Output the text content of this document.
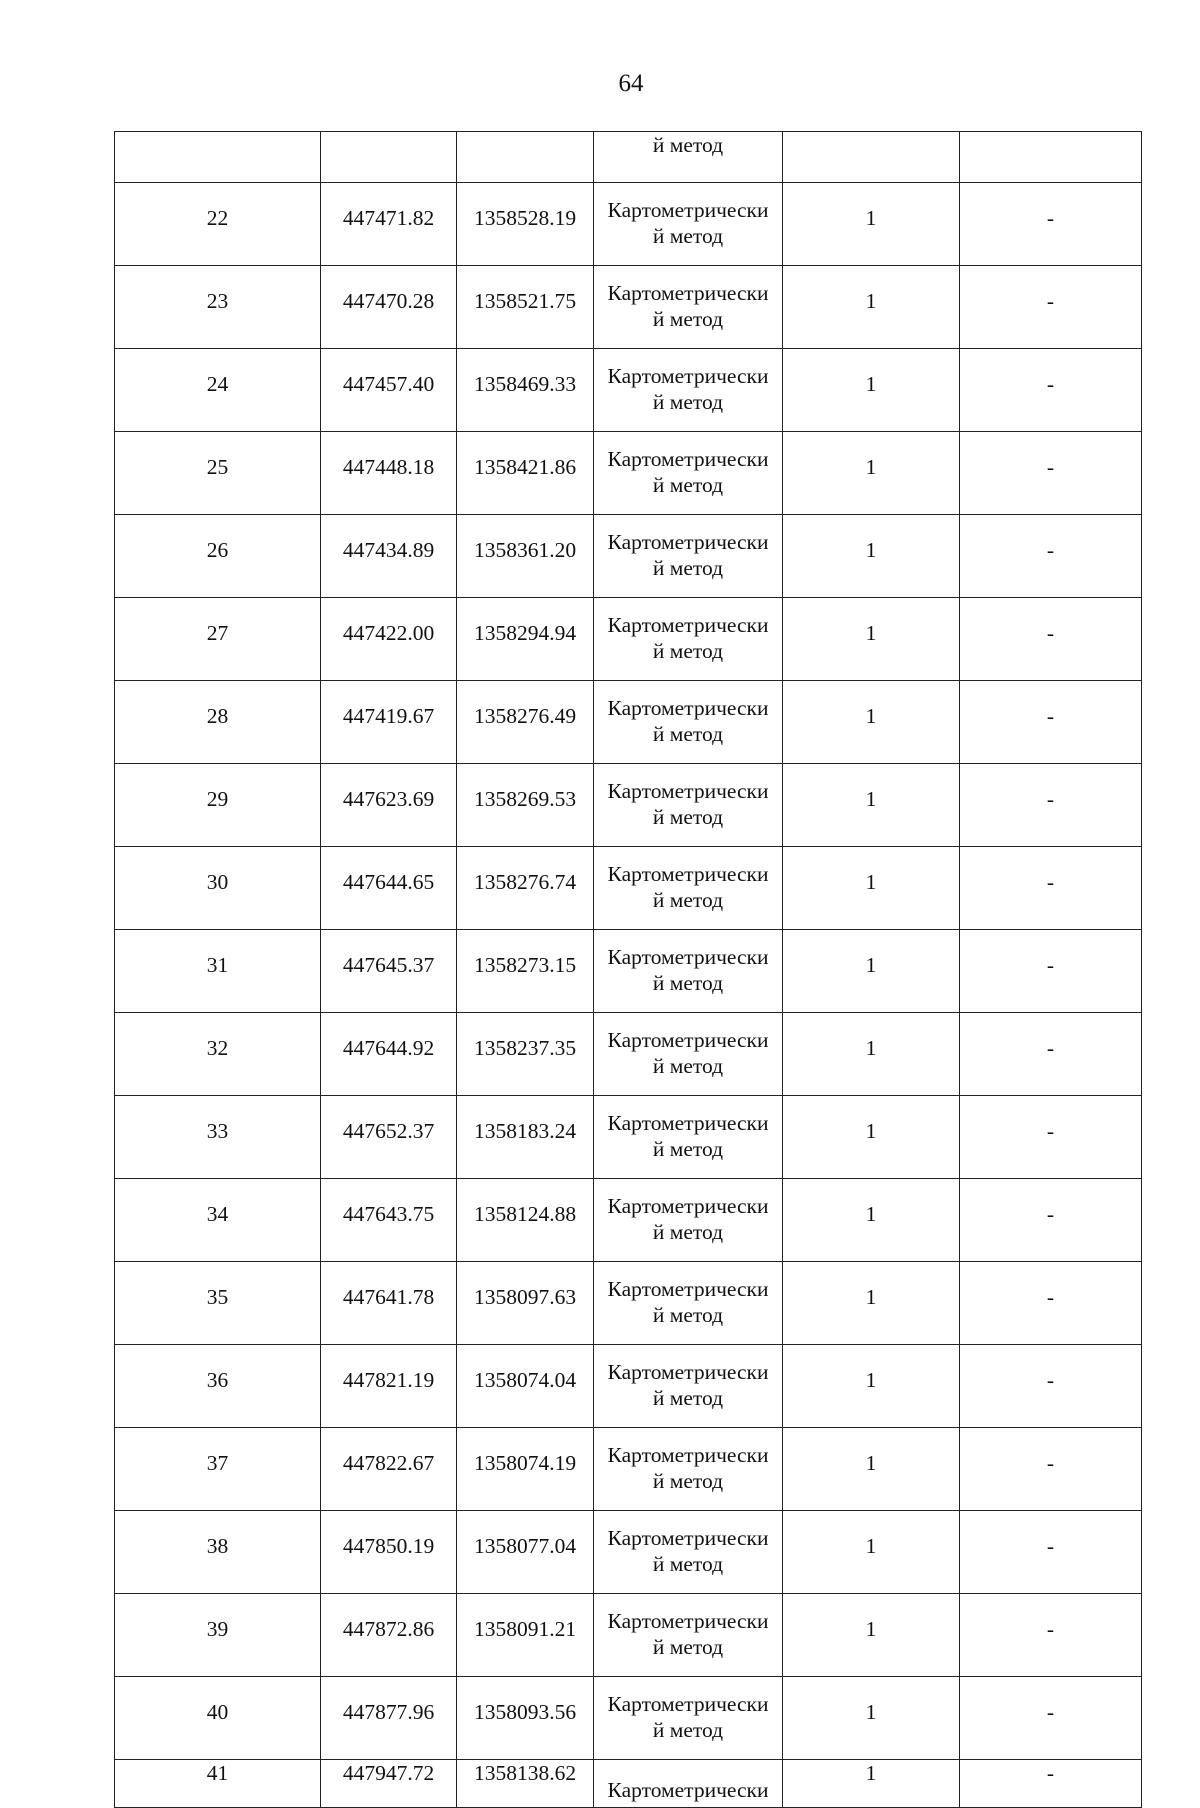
64

			й метод		

22	447471.82	1358528.19	Картометрически
й метод	1	-
23	447470.28	1358521.75	Картометрически
й метод	1	-
24	447457.40	1358469.33	Картометрически
й метод	1	-
25	447448.18	1358421.86	Картометрически
й метод	1	-
26	447434.89	1358361.20	Картометрически
й метод	1	-
27	447422.00	1358294.94	Картометрически
й метод	1	-
28	447419.67	1358276.49	Картометрически
й метод	1	-
29	447623.69	1358269.53	Картометрически
й метод	1	-
30	447644.65	1358276.74	Картометрически
й метод	1	-
31	447645.37	1358273.15	Картометрически
й метод	1	-
32	447644.92	1358237.35	Картометрически
й метод	1	-
33	447652.37	1358183.24	Картометрически
й метод	1	-
34	447643.75	1358124.88	Картометрически
й метод	1	-
35	447641.78	1358097.63	Картометрически
й метод	1	-
36	447821.19	1358074.04	Картометрически
й метод	1	-
37	447822.67	1358074.19	Картометрически
й метод	1	-
38	447850.19	1358077.04	Картометрически
й метод	1	-
39	447872.86	1358091.21	Картометрически
й метод	1	-
40	447877.96	1358093.56	Картометрически
й метод	1	-
41	447947.72	1358138.62	Картометрически	1	-
